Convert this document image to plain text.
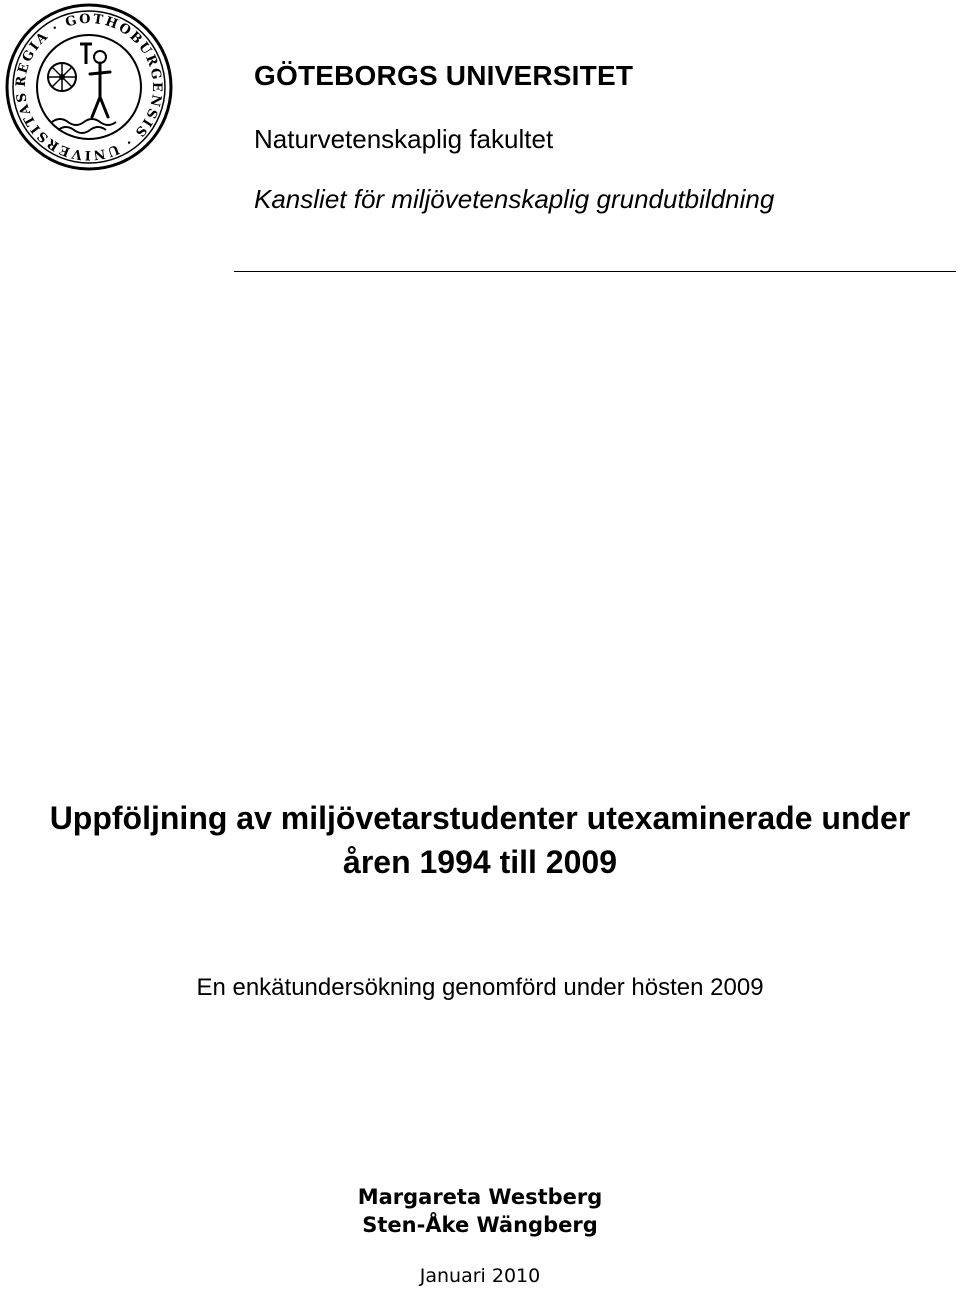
REGIA · GOTHOBURGENSIS · UNIVERSITAS
GÖTEBORGS UNIVERSITET
Naturvetenskaplig fakultet
Kansliet för miljövetenskaplig grundutbildning
Uppföljning av miljövetarstudenter utexaminerade under
åren 1994 till 2009
En enkätundersökning genomförd under hösten 2009
Margareta Westberg
Sten-Åke Wängberg
Januari 2010
